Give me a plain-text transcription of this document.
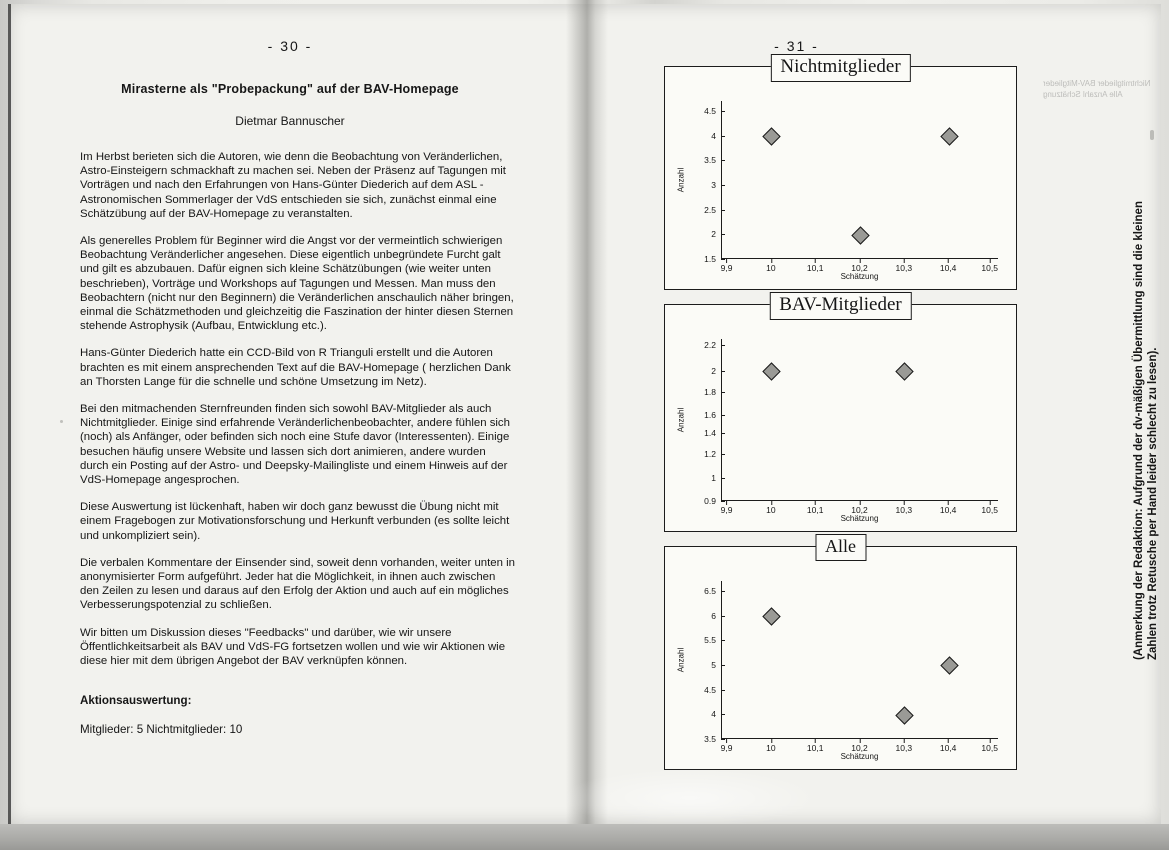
- 30 -
Mirasterne als "Probepackung" auf der BAV-Homepage
Dietmar Bannuscher

Im Herbst berieten sich die Autoren, wie denn die Beobachtung von Veränderlichen, Astro-Einsteigern schmackhaft zu machen sei. Neben der Präsenz auf Tagungen mit Vorträgen und nach den Erfahrungen von Hans-Günter Diederich auf dem ASL - Astronomischen Sommerlager der VdS entschieden sie sich, zunächst einmal eine Schätzübung auf der BAV-Homepage zu veranstalten.

Als generelles Problem für Beginner wird die Angst vor der vermeintlich schwierigen Beobachtung Veränderlicher angesehen. Diese eigentlich unbegründete Furcht galt und gilt es abzubauen. Dafür eignen sich kleine Schätzübungen (wie weiter unten beschrieben), Vorträge und Workshops auf Tagungen und Messen. Man muss den Beobachtern (nicht nur den Beginnern) die Veränderlichen anschaulich näher bringen, einmal die Schätzmethoden und gleichzeitig die Faszination der hinter diesen Sternen stehende Astrophysik (Aufbau, Entwicklung etc.).

Hans-Günter Diederich hatte ein CCD-Bild von R Trianguli erstellt und die Autoren brachten es mit einem ansprechenden Text auf die BAV-Homepage ( herzlichen Dank an Thorsten Lange für die schnelle und schöne Umsetzung im Netz).

Bei den mitmachenden Sternfreunden finden sich sowohl BAV-Mitglieder als auch Nichtmitglieder. Einige sind erfahrende Veränderlichenbeobachter, andere fühlen sich (noch) als Anfänger, oder befinden sich noch eine Stufe davor (Interessenten). Einige besuchen häufig unsere Website und lassen sich dort animieren, andere wurden durch ein Posting auf der Astro- und Deepsky-Mailingliste und einem Hinweis auf der VdS-Homepage angesprochen.

Diese Auswertung ist lückenhaft, haben wir doch ganz bewusst die Übung nicht mit einem Fragebogen zur Motivationsforschung und Herkunft verbunden (es sollte leicht und unkompliziert sein).

Die verbalen Kommentare der Einsender sind, soweit denn vorhanden, weiter unten in anonymisierter Form aufgeführt. Jeder hat die Möglichkeit, in ihnen auch zwischen den Zeilen zu lesen und daraus auf den Erfolg der Aktion und auch auf ein mögliches Verbesserungspotenzial zu schließen.

Wir bitten um Diskussion dieses "Feedbacks" und darüber, wie wir unsere Öffentlichkeitsarbeit als BAV und VdS-FG fortsetzen wollen und wie wir Aktionen wie diese hier mit dem übrigen Angebot der BAV verknüpfen können.

Aktionsauswertung:
Mitglieder: 5 Nichtmitglieder: 10
- 31 -
Nichtmitglieder
Anzahl
Schätzung
4.5
4
3.5
3
2.5
2
1.5
9,9	10	10,1	10,2	10,3	10,4	10,5
BAV-Mitglieder
Anzahl
Schätzung
2.2
2
1.8
1.6
1.4
1.2
1
0.9
9,9	10	10,1	10,2	10,3	10,4	10,5
Alle
Anzahl
Schätzung
6.5
6
5.5
5
4.5
4
3.5
9,9	10	10,1	10,2	10,3	10,4	10,5
(Anmerkung der Redaktion: Aufgrund der dv-mäßigen Übermittlung sind die kleinen Zahlen trotz Retusche per Hand leider schlecht zu lesen).
Nichtmitglieder BAV-Mitglieder Alle Anzahl Schätzung
